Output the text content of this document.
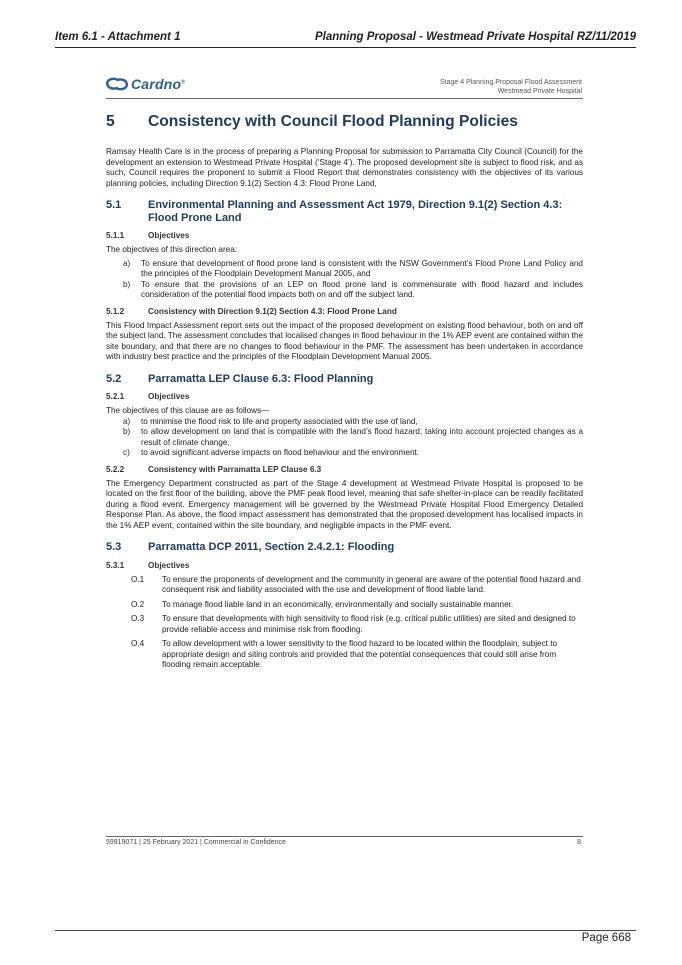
Item 6.1 - Attachment 1	Planning Proposal - Westmead Private Hospital RZ/11/2019
Cardno®	Stage 4 Planning Proposal Flood Assessment
Westmead Private Hospital
5	Consistency with Council Flood Planning Policies

Ramsay Health Care is in the process of preparing a Planning Proposal for submission to Parramatta City Council (Council) for the development an extension to Westmead Private Hospital (‘Stage 4’). The proposed development site is subject to flood risk, and as such, Council requires the proponent to submit a Flood Report that demonstrates consistency with the objectives of its various planning policies, including Direction 9.1(2) Section 4.3: Flood Prone Land,

5.1	Environmental Planning and Assessment Act 1979, Direction 9.1(2) Section 4.3: Flood Prone Land
5.1.1	Objectives

The objectives of this direction area:

a)	To ensure that development of flood prone land is consistent with the NSW Government’s Flood Prone Land Policy and the principles of the Floodplain Development Manual 2005, and
b)	To ensure that the provisions of an LEP on flood prone land is commensurate with flood hazard and includes consideration of the potential flood impacts both on and off the subject land.
5.1.2	Consistency with Direction 9.1(2) Section 4.3: Flood Prone Land

This Flood Impact Assessment report sets out the impact of the proposed development on existing flood behaviour, both on and off the subject land. The assessment concludes that localised changes in flood behaviour in the 1% AEP event are contained within the site boundary, and that there are no changes to flood behaviour in the PMF. The assessment has been undertaken in accordance with industry best practice and the principles of the Floodplain Development Manual 2005.

5.2	Parramatta LEP Clause 6.3: Flood Planning
5.2.1	Objectives

The objectives of this clause are as follows—

a)	to minimise the flood risk to life and property associated with the use of land,
b)	to allow development on land that is compatible with the land’s flood hazard, taking into account projected changes as a result of climate change,
c)	to avoid significant adverse impacts on flood behaviour and the environment.
5.2.2	Consistency with Parramatta LEP Clause 6.3

The Emergency Department constructed as part of the Stage 4 development at Westmead Private Hospital is proposed to be located on the first floor of the building, above the PMF peak flood level, meaning that safe shelter-in-place can be readily facilitated during a flood event. Emergency management will be governed by the Westmead Private Hospital Flood Emergency Detailed Response Plan. As above, the flood impact assessment has demonstrated that the proposed development has localised impacts in the 1% AEP event, contained within the site boundary, and negligible impacts in the PMF event.

5.3	Parramatta DCP 2011, Section 2.4.2.1: Flooding
5.3.1	Objectives
O.1	To ensure the proponents of development and the community in general are aware of the potential flood hazard and consequent risk and liability associated with the use and development of flood liable land.
O.2	To manage flood liable land in an economically, environmentally and socially sustainable manner.
O.3	To ensure that developments with high sensitivity to flood risk (e.g. critical public utilities) are sited and designed to provide reliable access and minimise risk from flooding.
O.4	To allow development with a lower sensitivity to the flood hazard to be located within the floodplain, subject to appropriate design and siting controls and provided that the potential consequences that could still arise from flooding remain acceptable.
59919071 | 25 February 2021 | Commercial in Confidence	8
Page 668
